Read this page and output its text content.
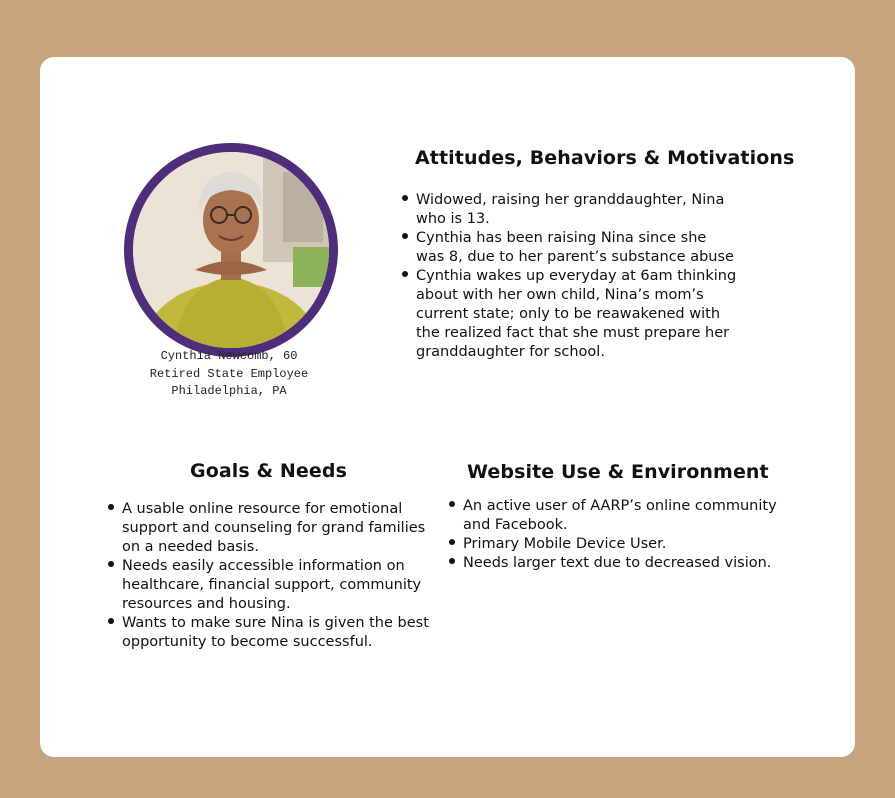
Cynthia Newcomb, 60
Retired State Employee
Philadelphia, PA
Attitudes, Behaviors & Motivations
Widowed, raising her granddaughter, Nina who is 13.
Cynthia has been raising Nina since she was 8, due to her parent’s substance abuse
Cynthia wakes up everyday at 6am thinking about with her own child, Nina’s mom’s current state; only to be reawakened with the realized fact that she must prepare her granddaughter for school.
Goals & Needs
A usable online resource for emotional support and counseling for grand families on a needed basis.
Needs easily accessible information on healthcare, financial support, community resources and housing.
Wants to make sure Nina is given the best opportunity to become successful.
Website Use & Environment
An active user of AARP’s online community and Facebook.
Primary Mobile Device User.
Needs larger text due to decreased vision.
